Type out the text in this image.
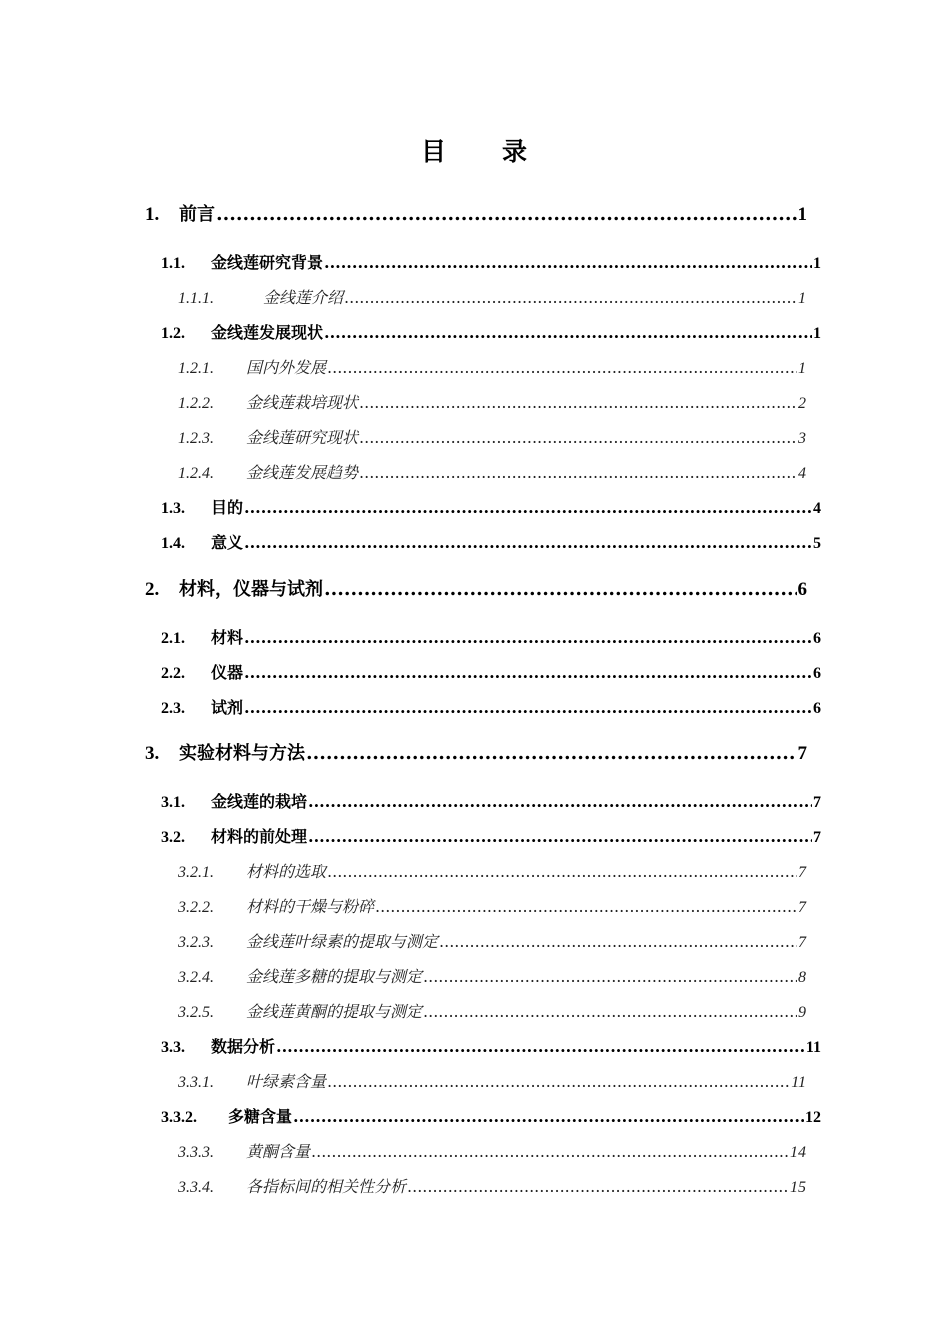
目　　录
1.	前言 .....	1
1.1.	金线莲研究背景 .....	1
1.1.1.	金线莲介绍 .....	1
1.2.	金线莲发展现状 .....	1
1.2.1.	国内外发展 .....	1
1.2.2.	金线莲栽培现状 .....	2
1.2.3.	金线莲研究现状 .....	3
1.2.4.	金线莲发展趋势 .....	4
1.3.	目的 .....	4
1.4.	意义 .....	5
2.	材料，仪器与试剂 .....	6
2.1.	材料 .....	6
2.2.	仪器 .....	6
2.3.	试剂 .....	6
3.	实验材料与方法 .....	7
3.1.	金线莲的栽培 .....	7
3.2.	材料的前处理 .....	7
3.2.1.	材料的选取 .....	7
3.2.2.	材料的干燥与粉碎 .....	7
3.2.3.	金线莲叶绿素的提取与测定 .....	7
3.2.4.	金线莲多糖的提取与测定 .....	8
3.2.5.	金线莲黄酮的提取与测定 .....	9
3.3.	数据分析 .....	11
3.3.1.	叶绿素含量 .....	11
3.3.2.	多糖含量 .....	12
3.3.3.	黄酮含量 .....	14
3.3.4.	各指标间的相关性分析 .....	15
